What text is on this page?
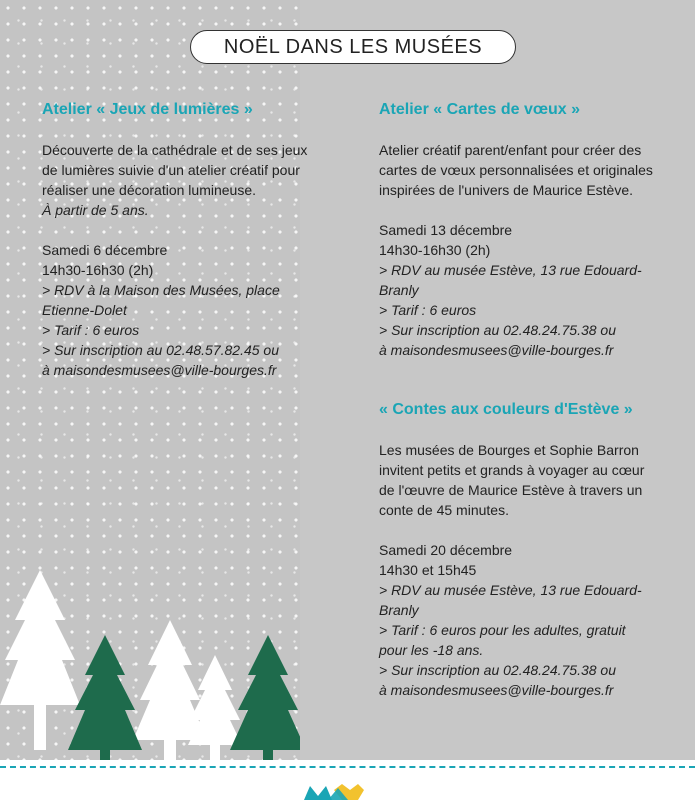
NOËL DANS LES MUSÉES

Atelier « Jeux de lumières »

Découverte de la cathédrale et de ses jeux

de lumières suivie d'un atelier créatif pour

réaliser une décoration lumineuse.

À partir de 5 ans.

Samedi 6 décembre

14h30-16h30 (2h)

> RDV à la Maison des Musées, place

Etienne-Dolet

> Tarif : 6 euros

> Sur inscription au 02.48.57.82.45 ou

à maisondesmusees@ville-bourges.fr

Atelier « Cartes de vœux »

Atelier créatif parent/enfant pour créer des

cartes de vœux personnalisées et originales

inspirées de l'univers de Maurice Estève.

Samedi 13 décembre

14h30-16h30 (2h)

> RDV au musée Estève, 13 rue Edouard-

Branly

> Tarif : 6 euros

> Sur inscription au 02.48.24.75.38 ou

à maisondesmusees@ville-bourges.fr

« Contes aux couleurs d'Estève »

Les musées de Bourges et Sophie Barron

invitent petits et grands à voyager au cœur

de l'œuvre de Maurice Estève à travers un

conte de 45 minutes.

Samedi 20 décembre

14h30 et 15h45

> RDV au musée Estève, 13 rue Edouard-

Branly

> Tarif : 6 euros pour les adultes, gratuit

pour les -18 ans.

> Sur inscription au 02.48.24.75.38 ou

à maisondesmusees@ville-bourges.fr
